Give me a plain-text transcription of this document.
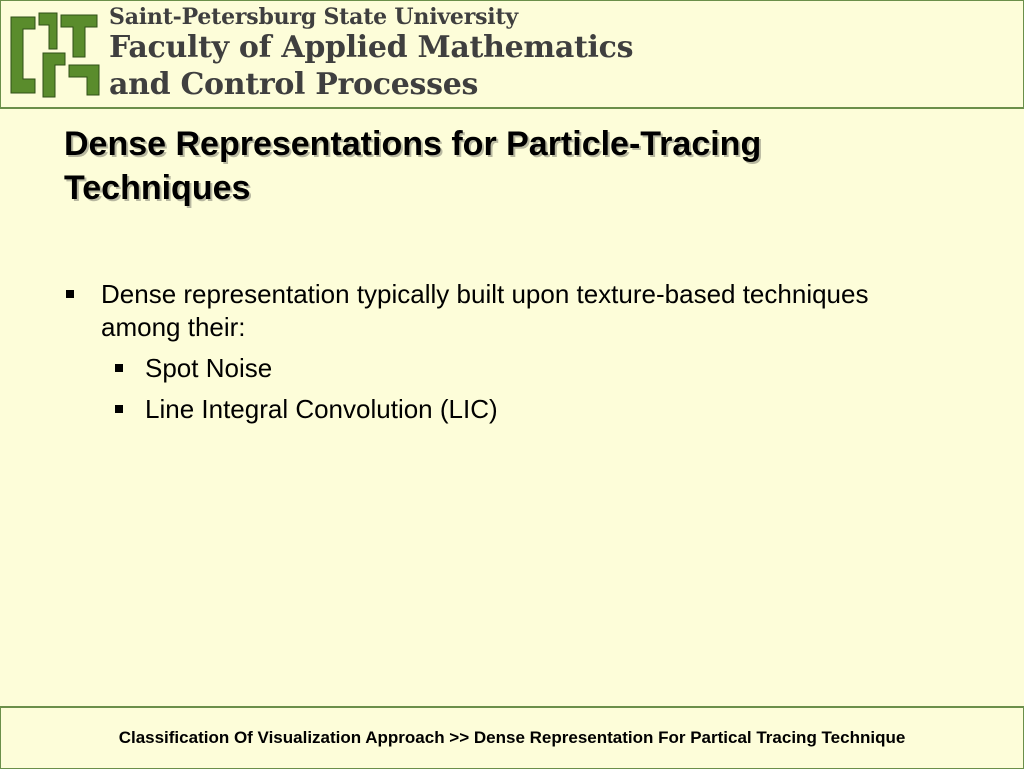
Saint-Petersburg State University
Faculty of Applied Mathematics
and Control Processes
Dense Representations for Particle-Tracing
Techniques
Dense representation typically built upon texture-based techniques
among their:
Spot Noise
Line Integral Convolution (LIC)
Classification Of Visualization Approach >> Dense Representation For Partical Tracing Technique
